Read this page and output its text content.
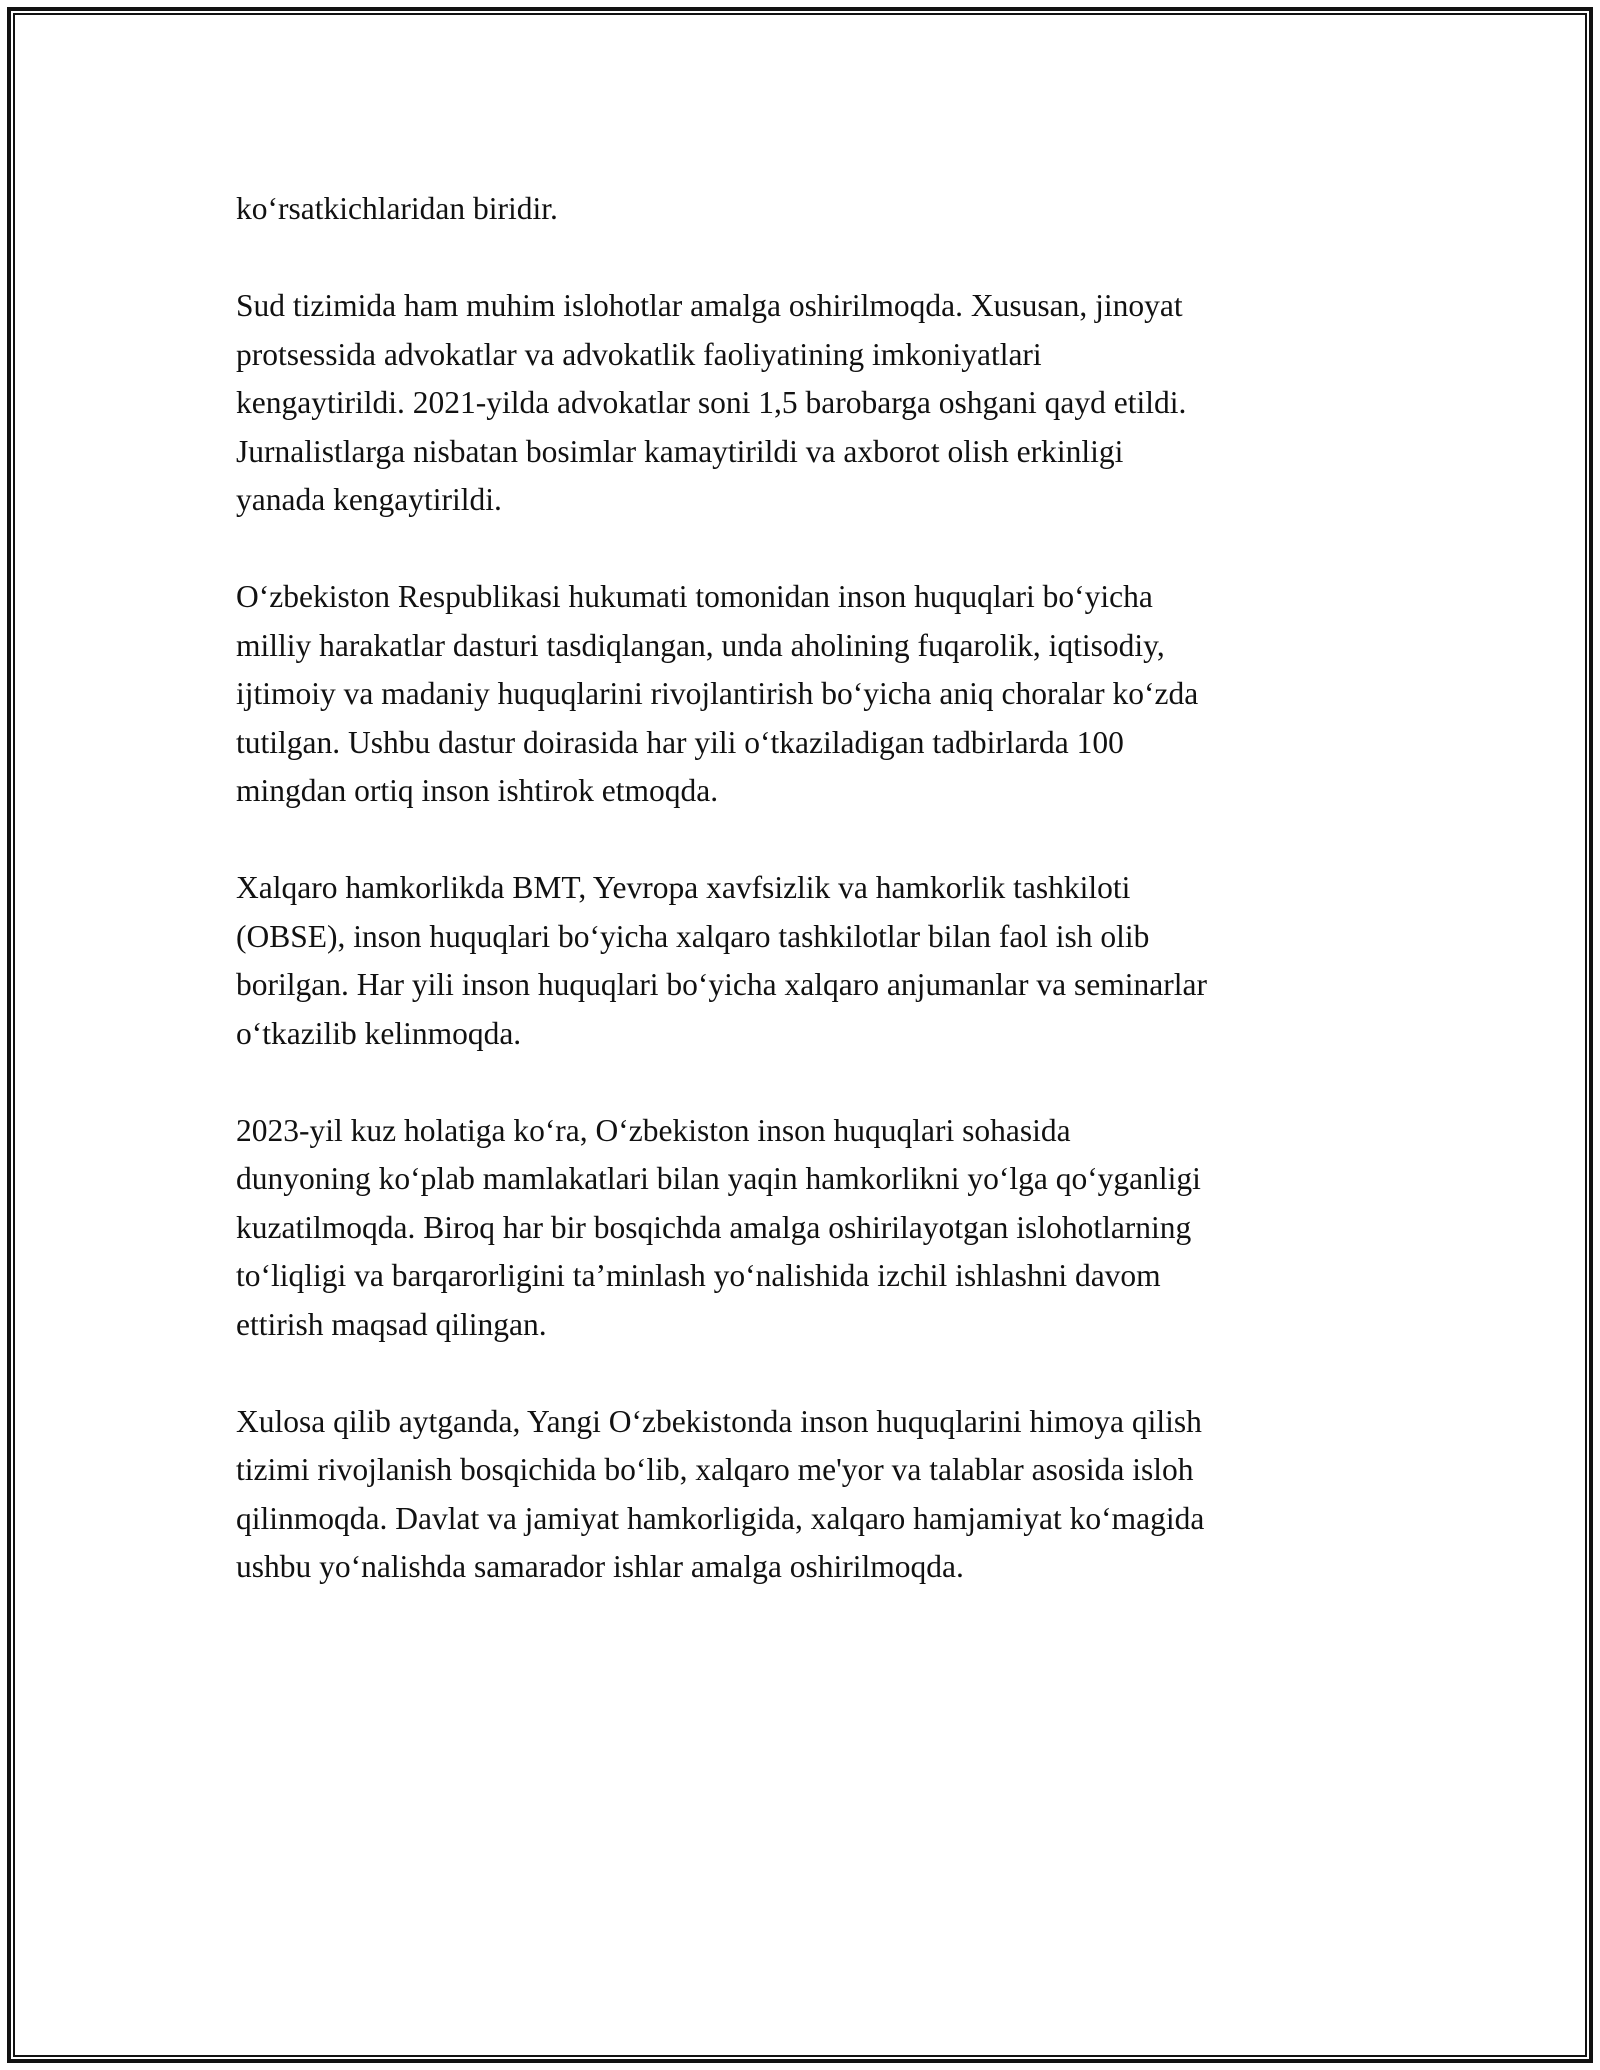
ko‘rsatkichlaridan biridir.

Sud tizimida ham muhim islohotlar amalga oshirilmoqda. Xususan, jinoyat
protsessida advokatlar va advokatlik faoliyatining imkoniyatlari
kengaytirildi. 2021-yilda advokatlar soni 1,5 barobarga oshgani qayd etildi.
Jurnalistlarga nisbatan bosimlar kamaytirildi va axborot olish erkinligi
yanada kengaytirildi.

O‘zbekiston Respublikasi hukumati tomonidan inson huquqlari bo‘yicha
milliy harakatlar dasturi tasdiqlangan, unda aholining fuqarolik, iqtisodiy,
ijtimoiy va madaniy huquqlarini rivojlantirish bo‘yicha aniq choralar ko‘zda
tutilgan. Ushbu dastur doirasida har yili o‘tkaziladigan tadbirlarda 100
mingdan ortiq inson ishtirok etmoqda.

Xalqaro hamkorlikda BMT, Yevropa xavfsizlik va hamkorlik tashkiloti
(OBSE), inson huquqlari bo‘yicha xalqaro tashkilotlar bilan faol ish olib
borilgan. Har yili inson huquqlari bo‘yicha xalqaro anjumanlar va seminarlar
o‘tkazilib kelinmoqda.

2023-yil kuz holatiga ko‘ra, O‘zbekiston inson huquqlari sohasida
dunyoning ko‘plab mamlakatlari bilan yaqin hamkorlikni yo‘lga qo‘yganligi
kuzatilmoqda. Biroq har bir bosqichda amalga oshirilayotgan islohotlarning
to‘liqligi va barqarorligini ta’minlash yo‘nalishida izchil ishlashni davom
ettirish maqsad qilingan.

Xulosa qilib aytganda, Yangi O‘zbekistonda inson huquqlarini himoya qilish
tizimi rivojlanish bosqichida bo‘lib, xalqaro me'yor va talablar asosida isloh
qilinmoqda. Davlat va jamiyat hamkorligida, xalqaro hamjamiyat ko‘magida
ushbu yo‘nalishda samarador ishlar amalga oshirilmoqda.
